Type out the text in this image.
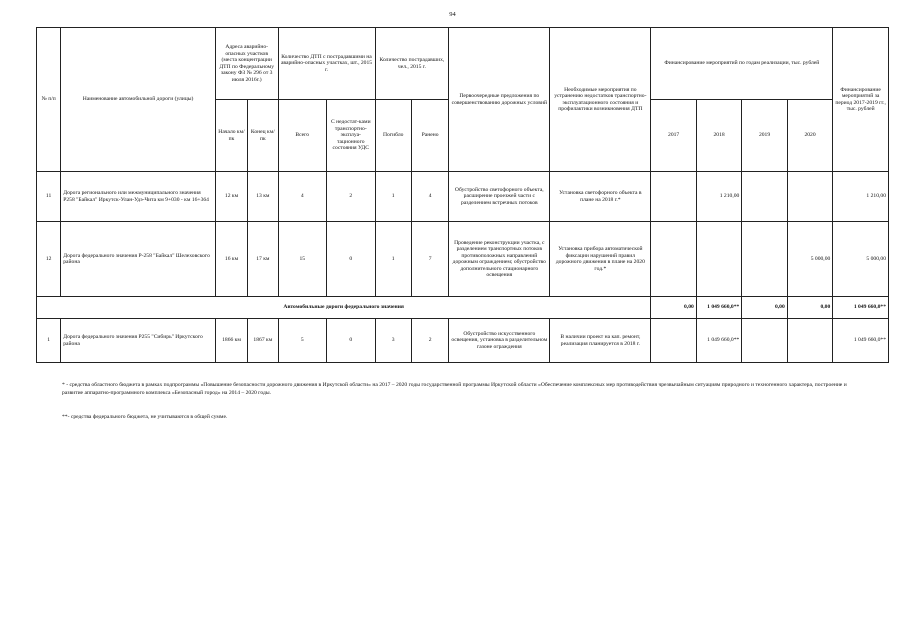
94
№ п/п	Наименование автомобильной дороги (улицы)	Адреса аварийно-опасных участков (места концентрации ДТП по Федеральному закону ФЗ № 296 от 3 июля 2016г.)		Количество ДТП с пострадавшими на аварийно-опасных участках, шт., 2015 г.		Количество пострадавших, чел., 2015 г.		Первоочередные предложения по совершенствованию дорожных условий	Необходимые мероприятия по устранению недостатков транспортно-эксплуатационного состояния и профилактики возникновения ДТП	Финансирование мероприятий по годам реализации, тыс. рублей				Финансирование мероприятий за период 2017-2019 гг., тыс. рублей
		Начало км/пк	Конец км/пк	Всего	С недостат-ками транспортно-эксплуа-тационного состояния УДС	Погибло	Ранено			2017	2018	2019	2020	
11	Дорога регионального или межмуниципального значения Р258 "Байкал" Иркутск-Улан-Удэ-Чита км 9+030 - км 16+364	12 км	13 км	4	2	1	4	Обустройство светофорного объекта, расширение проезжей части с разделением встречных потоков	Установка светофорного объекта в плане на 2018 г.*		1 210,00			1 210,00
12	Дорога федерального значения Р-258 "Байкал" Шелеховского района	16 км	17 км	15	0	1	7	Проведение реконструкции участка, с разделением транспортных потоков противоположных направлений дорожным ограждением; обустройство дополнительного стационарного освещения	Установка прибора автоматической фиксации нарушений правил дорожного движения в плане на 2020 год.*				5 000,00	5 000,00
Автомобильные дороги федерального значения										0,00	1 049 660,0**	0,00	0,00	1 049 660,0**
1	Дорога федерального значения Р255 "Сибирь" Иркутского района	1866 км	1867 км	5	0	3	2	Обустройство искусственного освещения, установка в разделительном газоне ограждения	В наличии проект на кап. ремонт, реализация планируется в 2018 г.		1 049 660,0**			1 049 660,0**
* - средства областного бюджета в рамках подпрограммы «Повышение безопасности дорожного движения в Иркутской области» на 2017 – 2020 годы государственной программы Иркутской области «Обеспечение комплексных мер противодействия чрезвычайным ситуациям природного и техногенного характера, построение и развитие аппаратно-программного комплекса «Безопасный город» на 2014 – 2020 годы.
**- средства федерального бюджета, не учитываются в общей сумме.
